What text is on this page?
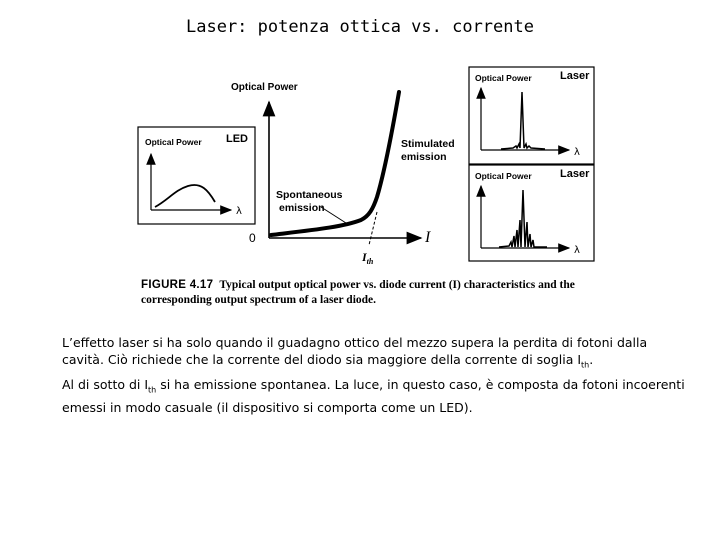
Laser: potenza ottica vs. corrente
Optical Power
0	I
$I_{th}$
Spontaneous
emission
Stimulated
emission
Optical Power LED
λ
Optical Power	Laser
λ
Optical Power	Laser
λ
FIGURE 4.17 Typical output optical power vs. diode current (I) characteristics and the corresponding output spectrum of a laser diode.
L’effetto laser si ha solo quando il guadagno ottico del mezzo supera la perdita di fotoni dalla cavità. Ciò richiede che la corrente del diodo sia maggiore della corrente di soglia $I_{th}$.
Al di sotto di $I_{th}$ si ha emissione spontanea. La luce, in questo caso, è composta da fotoni incoerenti emessi in modo casuale (il dispositivo si comporta come un LED).
